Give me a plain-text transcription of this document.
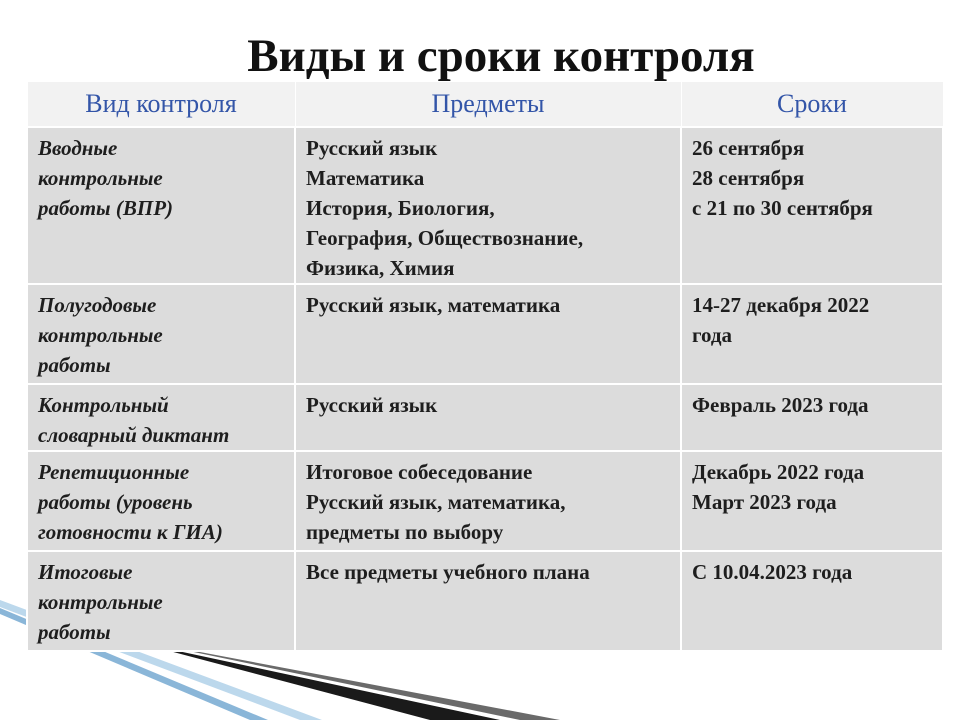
Виды и сроки контроля
Вид контроля	Предметы	Сроки

Вводные
контрольные
работы (ВПР)	Русский язык
Математика
История, Биология,
География, Обществознание,
Физика, Химия	26 сентября
28 сентября
с 21 по 30 сентября

Полугодовые
контрольные
работы	Русский язык, математика	14-27 декабря 2022
года

Контрольный
словарный диктант	Русский язык	Февраль 2023 года

Репетиционные
работы (уровень
готовности к ГИА)	Итоговое собеседование
Русский язык, математика,
предметы по выбору	Декабрь 2022 года
Март 2023 года

Итоговые
контрольные
работы	Все предметы учебного плана	С 10.04.2023 года
